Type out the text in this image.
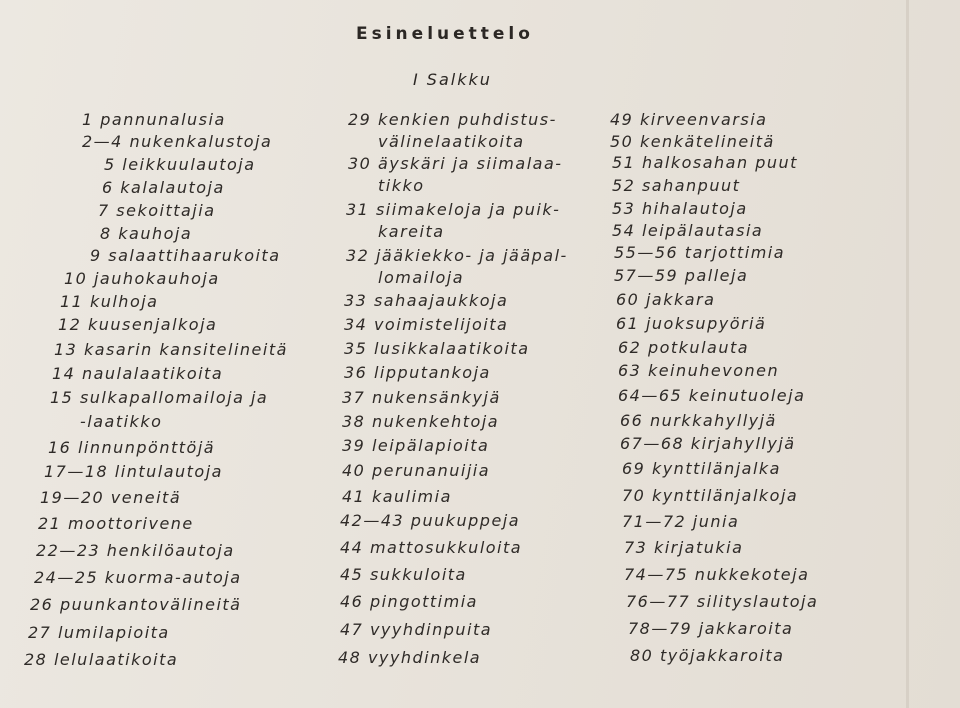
Esineluettelo
I Salkku
1 pannunalusia
2—4 nukenkalustoja
5 leikkuulautoja
6 kalalautoja
7 sekoittajia
8 kauhoja
9 salaattihaarukoita
10 jauhokauhoja
11 kulhoja
12 kuusenjalkoja
13 kasarin kansitelineitä
14 naulalaatikoita
15 sulkapallomailoja ja
-laatikko
16 linnunpönttöjä
17—18 lintulautoja
19—20 veneitä
21 moottorivene
22—23 henkilöautoja
24—25 kuorma-autoja
26 puunkantovälineitä
27 lumilapioita
28 lelulaatikoita
29 kenkien puhdistus-
välinelaatikoita
30 äyskäri ja siimalaa-
tikko
31 siimakeloja ja puik-
kareita
32 jääkiekko- ja jääpal-
lomailoja
33 sahaajaukkoja
34 voimistelijoita
35 lusikkalaatikoita
36 lipputankoja
37 nukensänkyjä
38 nukenkehtoja
39 leipälapioita
40 perunanuijia
41 kaulimia
42—43 puukuppeja
44 mattosukkuloita
45 sukkuloita
46 pingottimia
47 vyyhdinpuita
48 vyyhdinkela
49 kirveenvarsia
50 kenkätelineitä
51 halkosahan puut
52 sahanpuut
53 hihalautoja
54 leipälautasia
55—56 tarjottimia
57—59 palleja
60 jakkara
61 juoksupyöriä
62 potkulauta
63 keinuhevonen
64—65 keinutuoleja
66 nurkkahyllyjä
67—68 kirjahyllyjä
69 kynttilänjalka
70 kynttilänjalkoja
71—72 junia
73 kirjatukia
74—75 nukkekoteja
76—77 silityslautoja
78—79 jakkaroita
80 työjakkaroita
